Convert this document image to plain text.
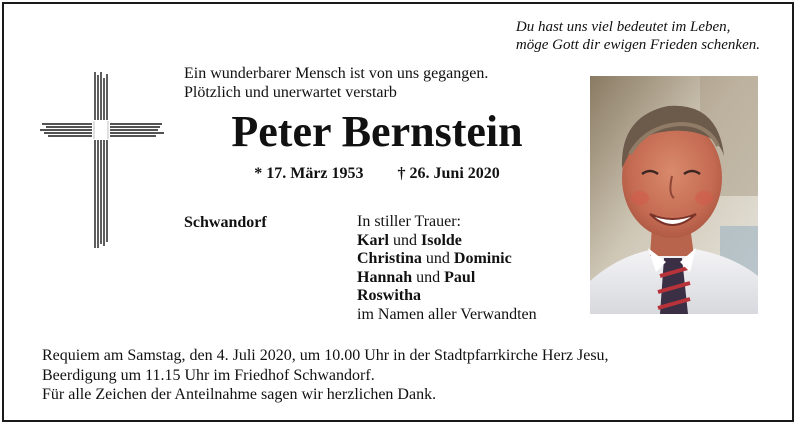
Du hast uns viel bedeutet im Leben,
möge Gott dir ewigen Frieden schenken.
Ein wunderbarer Mensch ist von uns gegangen.
Plötzlich und unerwartet verstarb
Peter Bernstein
* 17. März 1953 † 26. Juni 2020
Schwandorf	In stiller Trauer:
Karl und Isolde
Christina und Dominic
Hannah und Paul
Roswitha
im Namen aller Verwandten
Requiem am Samstag, den 4. Juli 2020, um 10.00 Uhr in der Stadtpfarrkirche Herz Jesu,
Beerdigung um 11.15 Uhr im Friedhof Schwandorf.
Für alle Zeichen der Anteilnahme sagen wir herzlichen Dank.
